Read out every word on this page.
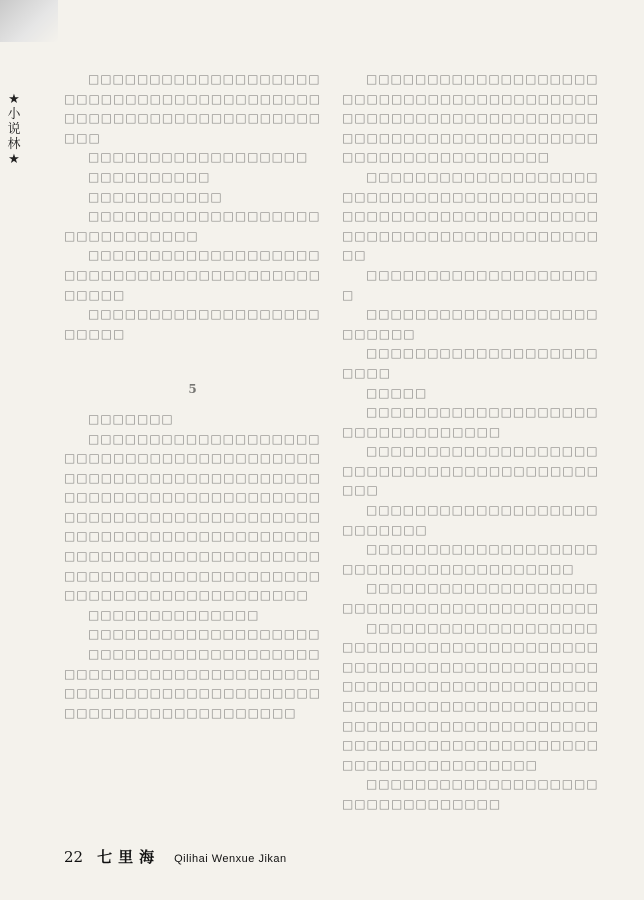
★
小
说
林
★

□□□□□□□□□□□□□□□□□□□□□□□□□□□□□□□□□□□□□□□□□□□□□□□□□□□□□□□□□□□□□□□□

□□□□□□□□□□□□□□□□□□

□□□□□□□□□□

□□□□□□□□□□□

□□□□□□□□□□□□□□□□□□□□□□□□□□□□□□

□□□□□□□□□□□□□□□□□□□□□□□□□□□□□□□□□□□□□□□□□□□□□

□□□□□□□□□□□□□□□□□□□□□□□□

5

□□□□□□□

□□□□□□□□□□□□□□□□□□□□□□□□□□□□□□□□□□□□□□□□□□□□□□□□□□□□□□□□□□□□□□□□□□□□□□□□□□□□□□□□□□□□□□□□□□□□□□□□□□□□□□□□□□□□□□□□□□□□□□□□□□□□□□□□□□□□□□□□□□□□□□□□□□□□□□□□□□□□□□□□□□□□□□□□□□□□□□□□□□□□□□□□□□

□□□□□□□□□□□□□□

□□□□□□□□□□□□□□□□□□□

□□□□□□□□□□□□□□□□□□□□□□□□□□□□□□□□□□□□□□□□□□□□□□□□□□□□□□□□□□□□□□□□□□□□□□□□□□□□□□□□

□□□□□□□□□□□□□□□□□□□□□□□□□□□□□□□□□□□□□□□□□□□□□□□□□□□□□□□□□□□□□□□□□□□□□□□□□□□□□□□□□□□□□□□□□□□□□□□□□□□

□□□□□□□□□□□□□□□□□□□□□□□□□□□□□□□□□□□□□□□□□□□□□□□□□□□□□□□□□□□□□□□□□□□□□□□□□□□□□□□□□□□□

□□□□□□□□□□□□□□□□□□□□

□□□□□□□□□□□□□□□□□□□□□□□□□

□□□□□□□□□□□□□□□□□□□□□□□

□□□□□

□□□□□□□□□□□□□□□□□□□□□□□□□□□□□□□□

□□□□□□□□□□□□□□□□□□□□□□□□□□□□□□□□□□□□□□□□□□□

□□□□□□□□□□□□□□□□□□□□□□□□□□

□□□□□□□□□□□□□□□□□□□□□□□□□□□□□□□□□□□□□□

□□□□□□□□□□□□□□□□□□□□□□□□□□□□□□□□□□□□□□□□

□□□□□□□□□□□□□□□□□□□□□□□□□□□□□□□□□□□□□□□□□□□□□□□□□□□□□□□□□□□□□□□□□□□□□□□□□□□□□□□□□□□□□□□□□□□□□□□□□□□□□□□□□□□□□□□□□□□□□□□□□□□□□□□□□□□□□□□□□□□□□□□□□□□□□□□□□□□□□□□□□

□□□□□□□□□□□□□□□□□□□□□□□□□□□□□□□□

22 七里海 Qilihai Wenxue Jikan
